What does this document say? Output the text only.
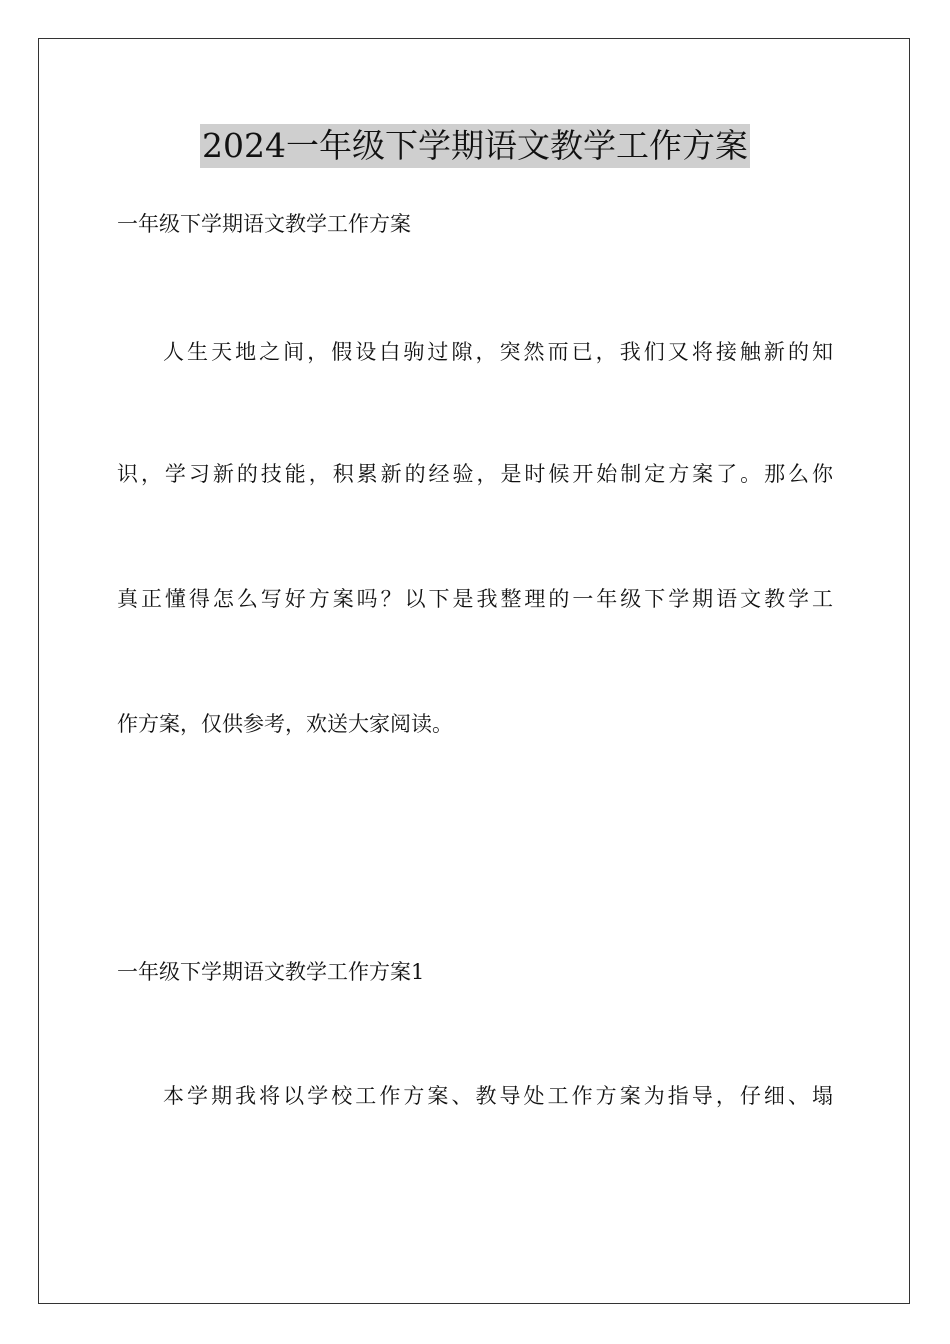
2024一年级下学期语文教学工作方案
一年级下学期语文教学工作方案
人生天地之间，假设白驹过隙，突然而已，我们又将接触新的知
识，学习新的技能，积累新的经验，是时候开始制定方案了。那么你
真正懂得怎么写好方案吗？以下是我整理的一年级下学期语文教学工
作方案，仅供参考，欢送大家阅读。
一年级下学期语文教学工作方案1
本学期我将以学校工作方案、教导处工作方案为指导，仔细、塌
